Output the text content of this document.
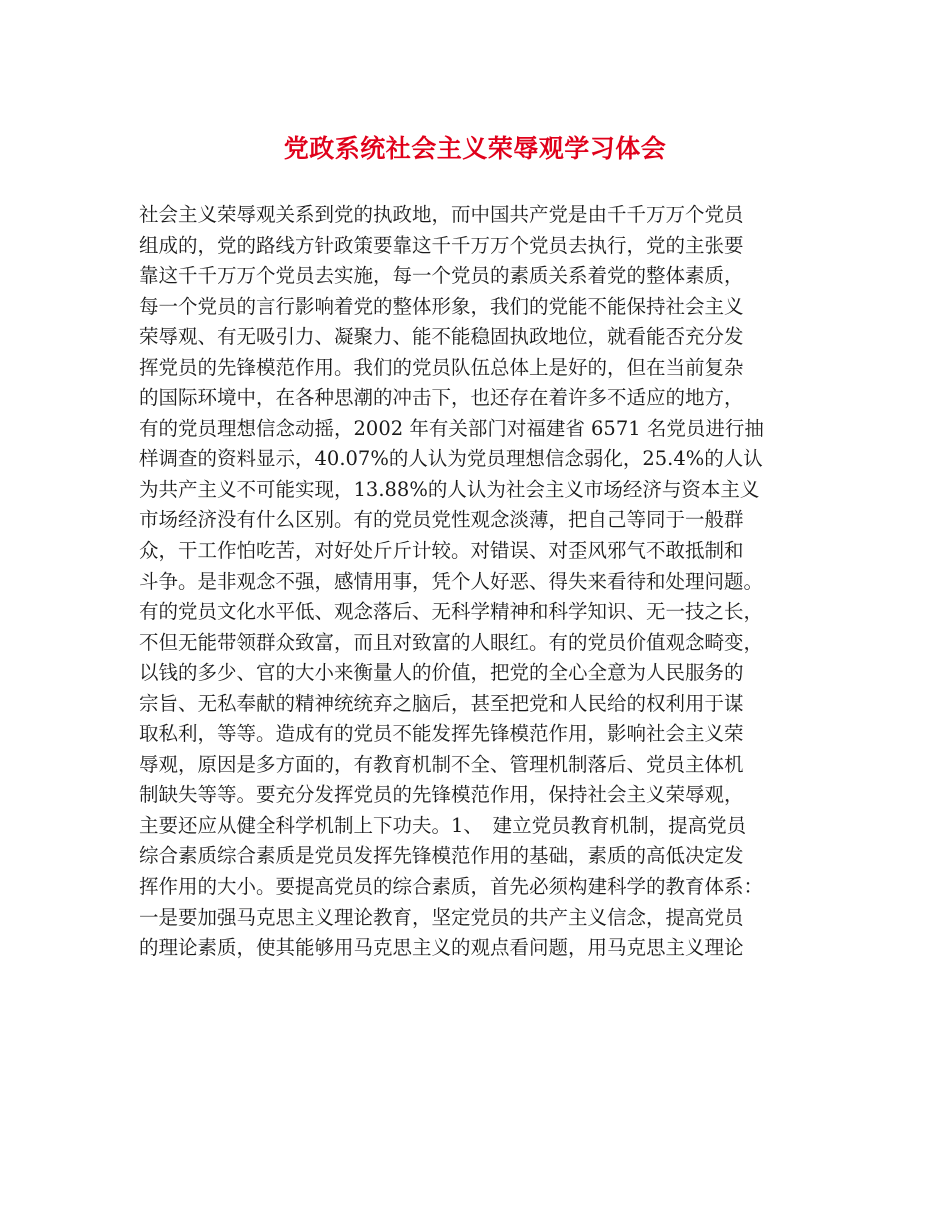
党政系统社会主义荣辱观学习体会
社会主义荣辱观关系到党的执政地，而中国共产党是由千千万万个党员
组成的，党的路线方针政策要靠这千千万万个党员去执行，党的主张要
靠这千千万万个党员去实施，每一个党员的素质关系着党的整体素质，
每一个党员的言行影响着党的整体形象，我们的党能不能保持社会主义
荣辱观、有无吸引力、凝聚力、能不能稳固执政地位，就看能否充分发
挥党员的先锋模范作用。我们的党员队伍总体上是好的，但在当前复杂
的国际环境中，在各种思潮的冲击下，也还存在着许多不适应的地方，
有的党员理想信念动摇，2002 年有关部门对福建省 6571 名党员进行抽
样调查的资料显示，40.07%的人认为党员理想信念弱化，25.4%的人认
为共产主义不可能实现，13.88%的人认为社会主义市场经济与资本主义
市场经济没有什么区别。有的党员党性观念淡薄，把自己等同于一般群
众，干工作怕吃苦，对好处斤斤计较。对错误、对歪风邪气不敢抵制和
斗争。是非观念不强，感情用事，凭个人好恶、得失来看待和处理问题。
有的党员文化水平低、观念落后、无科学精神和科学知识、无一技之长，
不但无能带领群众致富，而且对致富的人眼红。有的党员价值观念畸变，
以钱的多少、官的大小来衡量人的价值，把党的全心全意为人民服务的
宗旨、无私奉献的精神统统弃之脑后，甚至把党和人民给的权利用于谋
取私利，等等。造成有的党员不能发挥先锋模范作用，影响社会主义荣
辱观，原因是多方面的，有教育机制不全、管理机制落后、党员主体机
制缺失等等。要充分发挥党员的先锋模范作用，保持社会主义荣辱观，
主要还应从健全科学机制上下功夫。1、　建立党员教育机制，提高党员
综合素质综合素质是党员发挥先锋模范作用的基础，素质的高低决定发
挥作用的大小。要提高党员的综合素质，首先必须构建科学的教育体系：
一是要加强马克思主义理论教育，坚定党员的共产主义信念，提高党员
的理论素质，使其能够用马克思主义的观点看问题，用马克思主义理论
